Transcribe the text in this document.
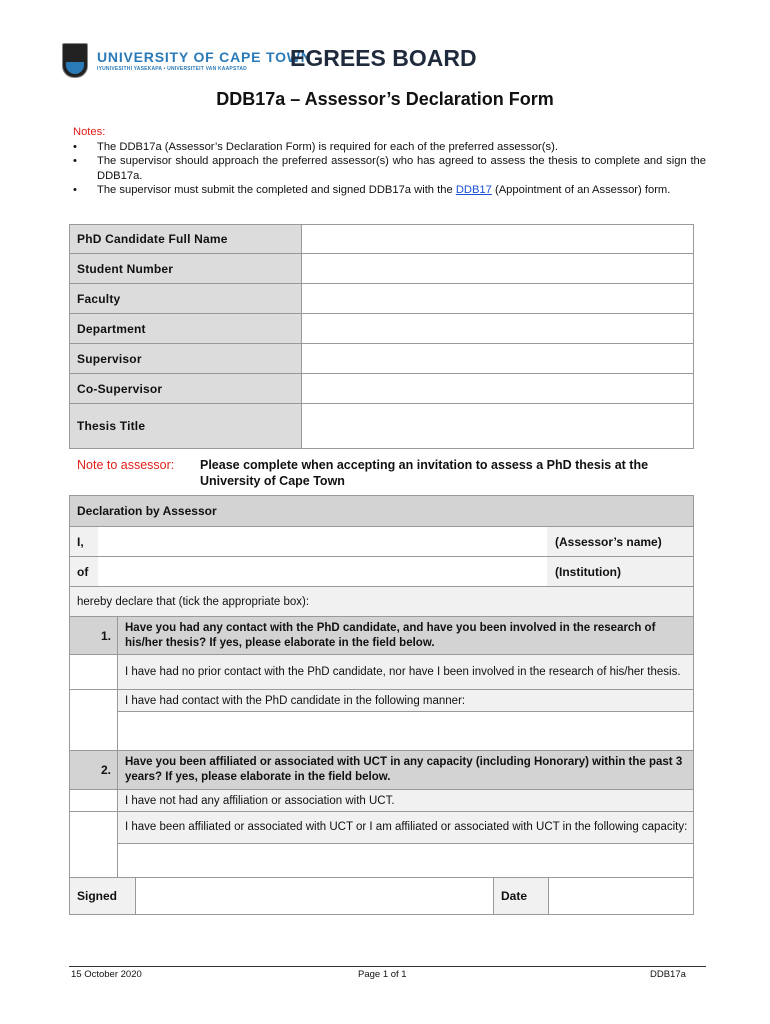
UNIVERSITY OF CAPE TOWN
IYUNIVESITHI YASEKAPA • UNIVERSITEIT VAN KAAPSTAD EGREES BOARD
DDB17a – Assessor’s Declaration Form
Notes:
• The DDB17a (Assessor’s Declaration Form) is required for each of the preferred assessor(s).
• The supervisor should approach the preferred assessor(s) who has agreed to assess the thesis to complete and sign the DDB17a.
• The supervisor must submit the completed and signed DDB17a with the DDB17 (Appointment of an Assessor) form.
PhD Candidate Full Name
Student Number
Faculty
Department
Supervisor
Co-Supervisor
Thesis Title
Note to assessor: Please complete when accepting an invitation to assess a PhD thesis at the University of Cape Town
Declaration by Assessor
I,	(Assessor’s name)
of	(Institution)
hereby declare that (tick the appropriate box):
1.
Have you had any contact with the PhD candidate, and have you been involved in the research of his/her thesis? If yes, please elaborate in the field below.
I have had no prior contact with the PhD candidate, nor have I been involved in the research of his/her thesis.
I have had contact with the PhD candidate in the following manner:
2.
Have you been affiliated or associated with UCT in any capacity (including Honorary) within the past 3 years? If yes, please elaborate in the field below.
I have not had any affiliation or association with UCT.
I have been affiliated or associated with UCT or I am affiliated or associated with UCT in the following capacity:
Signed	Date
15 October 2020	Page 1 of 1	DDB17a
